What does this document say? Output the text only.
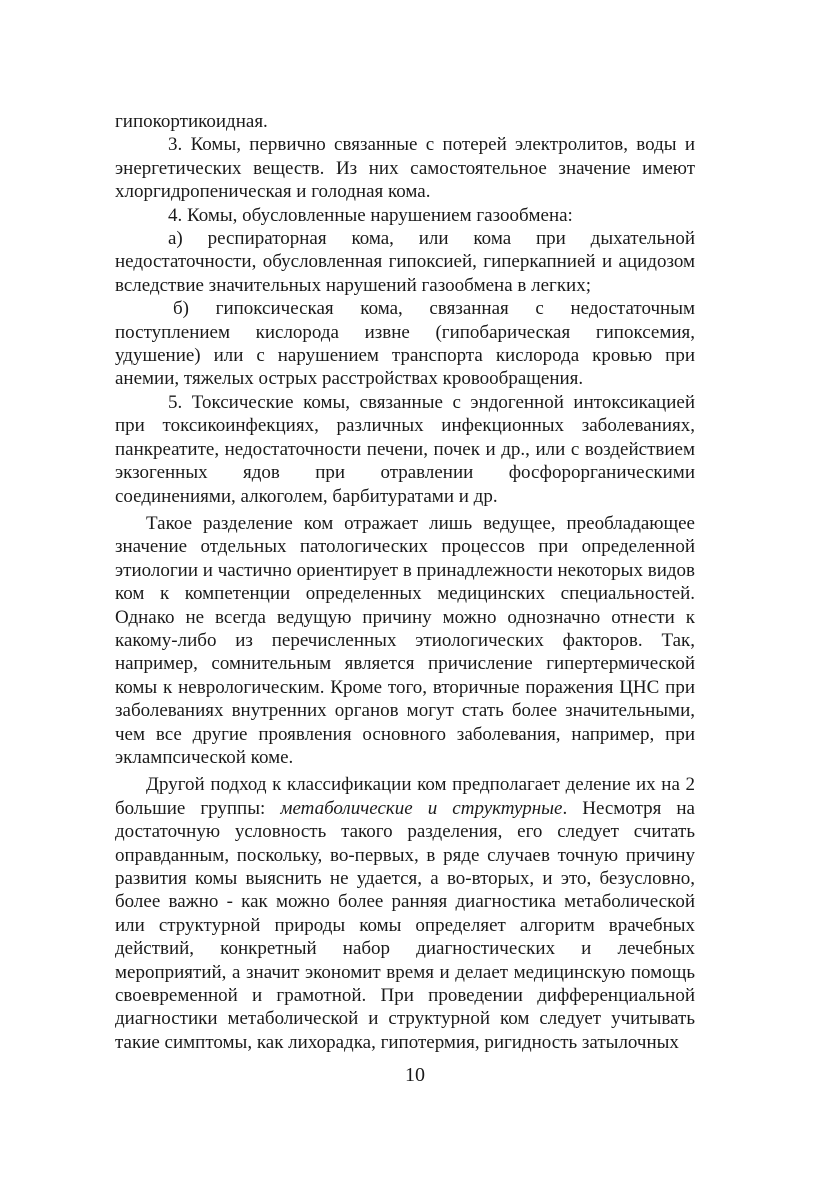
гипокортикоидная.

3. Комы, первично связанные с потерей электролитов, воды и энергетических веществ. Из них самостоятельное значение имеют хлоргидропеническая и голодная кома.

4. Комы, обусловленные нарушением газообмена:

а) респираторная кома, или кома при дыхательной недостаточности, обусловленная гипоксией, гиперкапнией и ацидозом вследствие значительных нарушений газообмена в легких;

б) гипоксическая кома, связанная с недостаточным поступлением кислорода извне (гипобарическая гипоксемия, удушение) или с нарушением транспорта кислорода кровью при анемии, тяжелых острых расстройствах кровообращения.

5. Токсические комы, связанные с эндогенной интоксикацией при токсикоинфекциях, различных инфекционных заболеваниях, панкреатите, недостаточности печени, почек и др., или с воздействием экзогенных ядов при отравлении фосфорорганическими соединениями, алкоголем, барбитуратами и др.

Такое разделение ком отражает лишь ведущее, преобладающее значение отдельных патологических процессов при определенной этиологии и частично ориентирует в принадлежности некоторых видов ком к компетенции определенных медицинских специальностей. Однако не всегда ведущую причину можно однозначно отнести к какому-либо из перечисленных этиологических факторов. Так, например, сомнительным является причисление гипертермической комы к неврологическим. Кроме того, вторичные поражения ЦНС при заболеваниях внутренних органов могут стать более значительными, чем все другие проявления основного заболевания, например, при эклампсической коме.

Другой подход к классификации ком предполагает деление их на 2 большие группы: метаболические и структурные. Несмотря на достаточную условность такого разделения, его следует считать оправданным, поскольку, во-первых, в ряде случаев точную причину развития комы выяснить не удается, а во-вторых, и это, безусловно, более важно - как можно более ранняя диагностика метаболической или структурной природы комы определяет алгоритм врачебных действий, конкретный набор диагностических и лечебных мероприятий, а значит экономит время и делает медицинскую помощь своевременной и грамотной. При проведении дифференциальной диагностики метаболической и структурной ком следует учитывать такие симптомы, как лихорадка, гипотермия, ригидность затылочных

10
